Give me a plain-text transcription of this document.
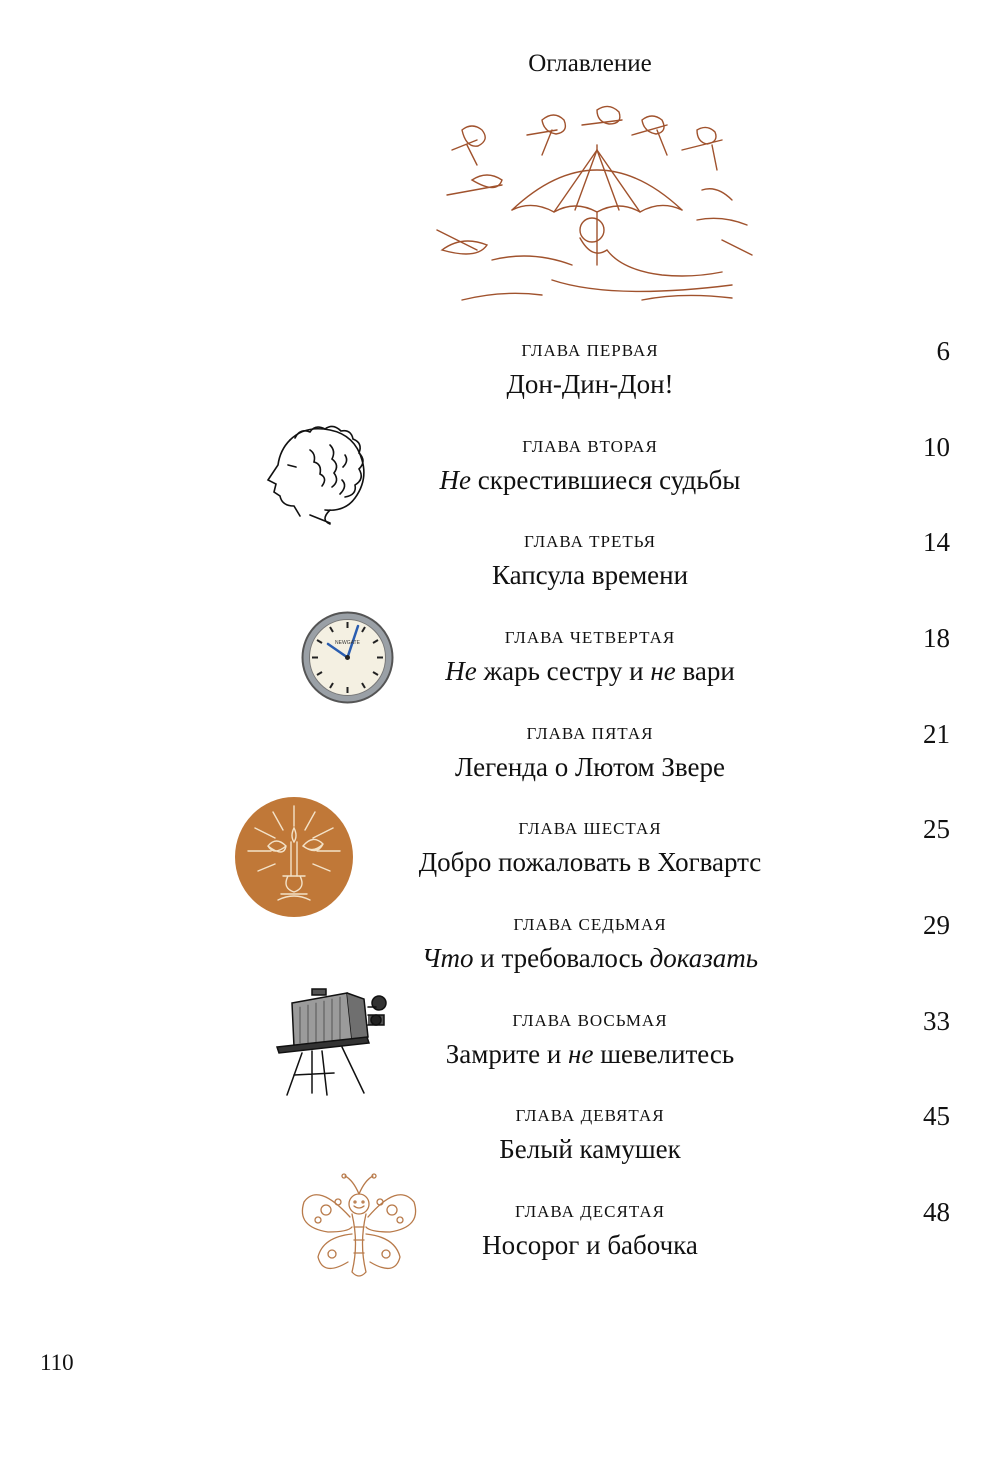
Оглавление
NEWGATE
ГЛАВА ПЕРВАЯ
Дон-Дин-Дон!
6
ГЛАВА ВТОРАЯ
Не скрестившиеся судьбы
10
ГЛАВА ТРЕТЬЯ
Капсула времени
14
ГЛАВА ЧЕТВЕРТАЯ
Не жарь сестру и не вари
18
ГЛАВА ПЯТАЯ
Легенда о Лютом Звере
21
ГЛАВА ШЕСТАЯ
Добро пожаловать в Хогвартс
25
ГЛАВА СЕДЬМАЯ
Что и требовалось доказать
29
ГЛАВА ВОСЬМАЯ
Замрите и не шевелитесь
33
ГЛАВА ДЕВЯТАЯ
Белый камушек
45
ГЛАВА ДЕСЯТАЯ
Носорог и бабочка
48
110
